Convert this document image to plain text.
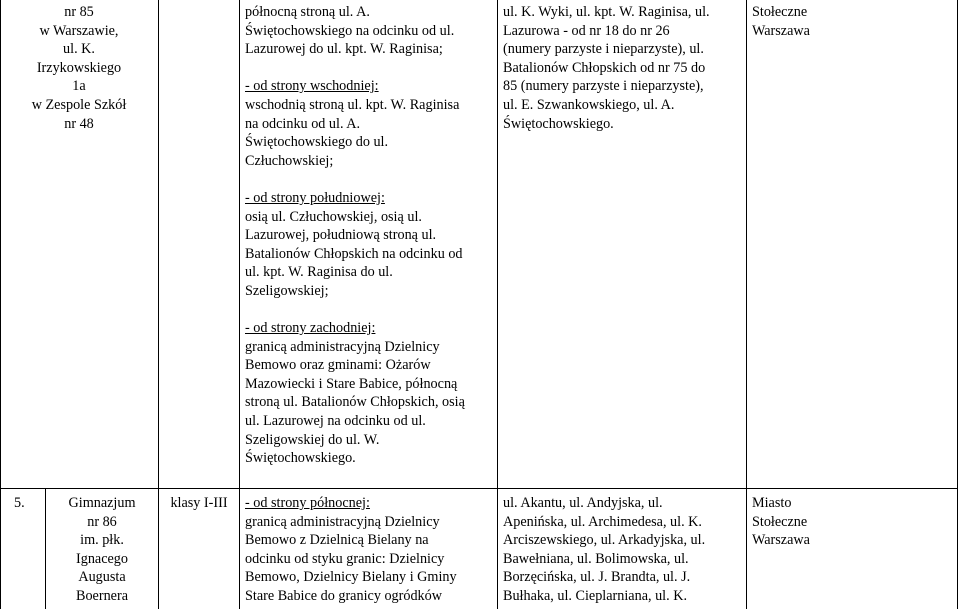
nr 85
w Warszawie,
ul. K.
Irzykowskiego
1a
w Zespole Szkół
nr 48
północną stroną ul. A.
Świętochowskiego na odcinku od ul.
Lazurowej do ul. kpt. W. Raginisa;
- od strony wschodniej:
wschodnią stroną ul. kpt. W. Raginisa
na odcinku od ul. A.
Świętochowskiego do ul.
Człuchowskiej;
- od strony południowej:
osią ul. Człuchowskiej, osią ul.
Lazurowej, południową stroną ul.
Batalionów Chłopskich na odcinku od
ul. kpt. W. Raginisa do ul.
Szeligowskiej;
- od strony zachodniej:
granicą administracyjną Dzielnicy
Bemowo oraz gminami: Ożarów
Mazowiecki i Stare Babice, północną
stroną ul. Batalionów Chłopskich, osią
ul. Lazurowej na odcinku od ul.
Szeligowskiej do ul. W.
Świętochowskiego.
ul. K. Wyki, ul. kpt. W. Raginisa, ul.
Lazurowa - od nr 18 do nr 26
(numery parzyste i nieparzyste), ul.
Batalionów Chłopskich od nr 75 do
85 (numery parzyste i nieparzyste),
ul. E. Szwankowskiego, ul. A.
Świętochowskiego.
Stołeczne
Warszawa
5.	Gimnazjum
nr 86
im. płk.
Ignacego
Augusta
Boernera
klasy I-III	- od strony północnej:
granicą administracyjną Dzielnicy
Bemowo z Dzielnicą Bielany na
odcinku od styku granic: Dzielnicy
Bemowo, Dzielnicy Bielany i Gminy
Stare Babice do granicy ogródków
ul. Akantu, ul. Andyjska, ul.
Apenińska, ul. Archimedesa, ul. K.
Arciszewskiego, ul. Arkadyjska, ul.
Bawełniana, ul. Bolimowska, ul.
Borzęcińska, ul. J. Brandta, ul. J.
Bułhaka, ul. Cieplarniana, ul. K.
Miasto
Stołeczne
Warszawa
